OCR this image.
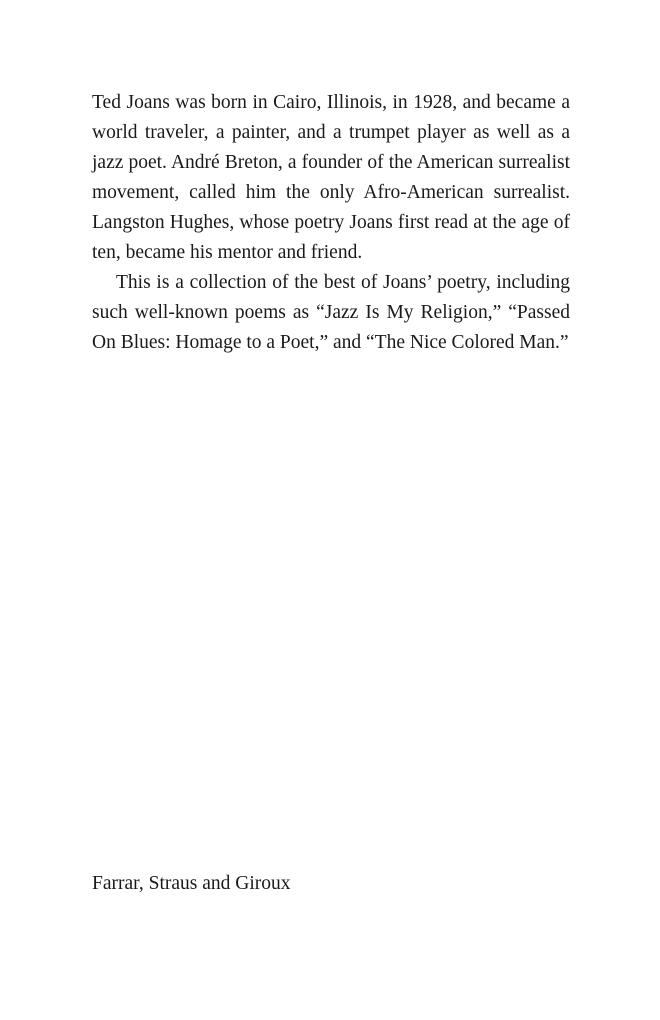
Ted Joans was born in Cairo, Illinois, in 1928, and became a world traveler, a painter, and a trumpet player as well as a jazz poet. André Breton, a founder of the American surrealist movement, called him the only Afro-American surrealist. Langston Hughes, whose poetry Joans first read at the age of ten, became his mentor and friend.

This is a collection of the best of Joans’ poetry, including such well-known poems as “Jazz Is My Religion,” “Passed On Blues: Homage to a Poet,” and “The Nice Colored Man.”

Farrar, Straus and Giroux
